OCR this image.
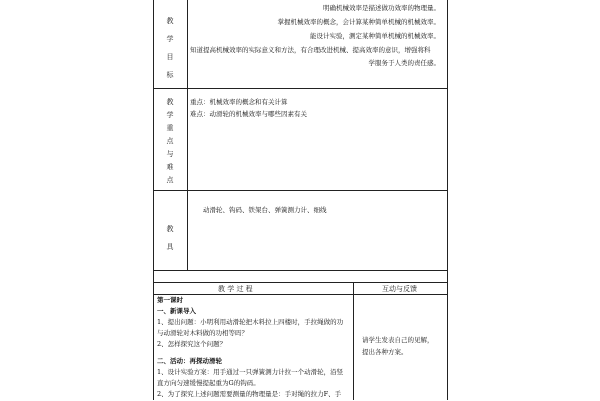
教
学
目
标
明确机械效率是描述做功效率的物理量。
掌握机械效率的概念，会计算某种简单机械的机械效率。
能设计实验，测定某种简单机械的机械效率。
知道提高机械效率的实际意义和方法，有合理改进机械、提高效率的意识，增强将科
学服务于人类的责任感。
教
学
重
点
与
难
点
重点：机械效率的概念和有关计算
难点：动滑轮的机械效率与哪些因素有关
教
具
动滑轮、钩码、铁架台、弹簧测力计、细线
教 学 过 程	互动与反馈
第一课时
一、新课导入
1、提出问题：小明利用动滑轮把木料拉上四楼时，手拉绳做的功
与动滑轮对木料做的功相等吗？
2、怎样探究这个问题？
二、活动：再探动滑轮
1、设计实验方案：用手通过一只弹簧测力计拉一个动滑轮，沿竖
直方向匀速缓慢提起重为G的钩码。
2、为了探究上述问题需要测量的物理量是：手对绳的拉力F、手
请学生发表自己的见解，
提出各种方案。
